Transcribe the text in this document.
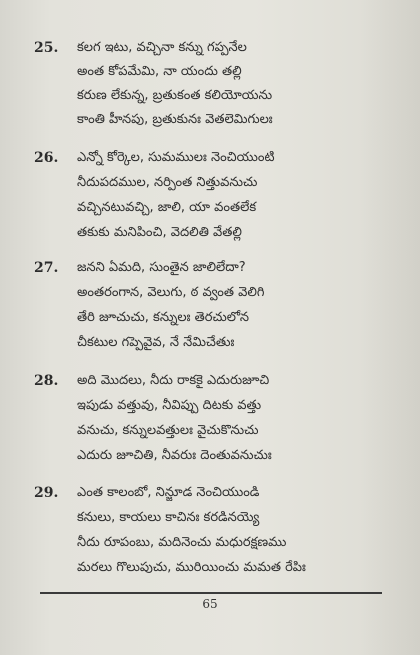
25. కలగ ఇటు, వచ్చినా కన్ను గప్పనేల
అంత కోపమేమి, నా యందు తల్లి
కరుణ లేకున్న, బ్రతుకంత కలియోయను
కాంతి హీనపు, బ్రతుకునః వెతలెమిగులః
26. ఎన్నో కోర్కెల, సుమములః నెంచియుంటి
నీదుపదముల, నర్పింత నిత్తువనుచు
వచ్చినటువచ్చి, జాలి, యా వంతలేక
తకుకు మనిపించి, వెదలితి వేతల్లి
27. జనని ఏమది, సుంతైన జాలిలేదా?
అంతరంగాన, వెలుగు, ఠ వ్వంత వెలిగి
తేరి జూచుచు, కన్నులః తెరచులోన
చీకటుల గప్పెవైవ, నే నేమిచేతుః
28. అది మొదలు, నీదు రాకకై ఎదురుజూచి
ఇపుడు వత్తువు, నీవిప్పు దిటకు వత్తు
వనుచు, కన్నులవత్తులః వైచుకొనుచు
ఎదురు జూచితి, నీవరుః దెంతువనుచుః
29. ఎంత కాలంబో, నిన్జూడ నెంచియుండి
కనులు, కాయలు కాచినః కరడినయ్యె
నీదు రూపంబు, మదినెంచు మధురక్షణము
మరలు గొలుపుచు, మురియించు మమత రేపిః
65
